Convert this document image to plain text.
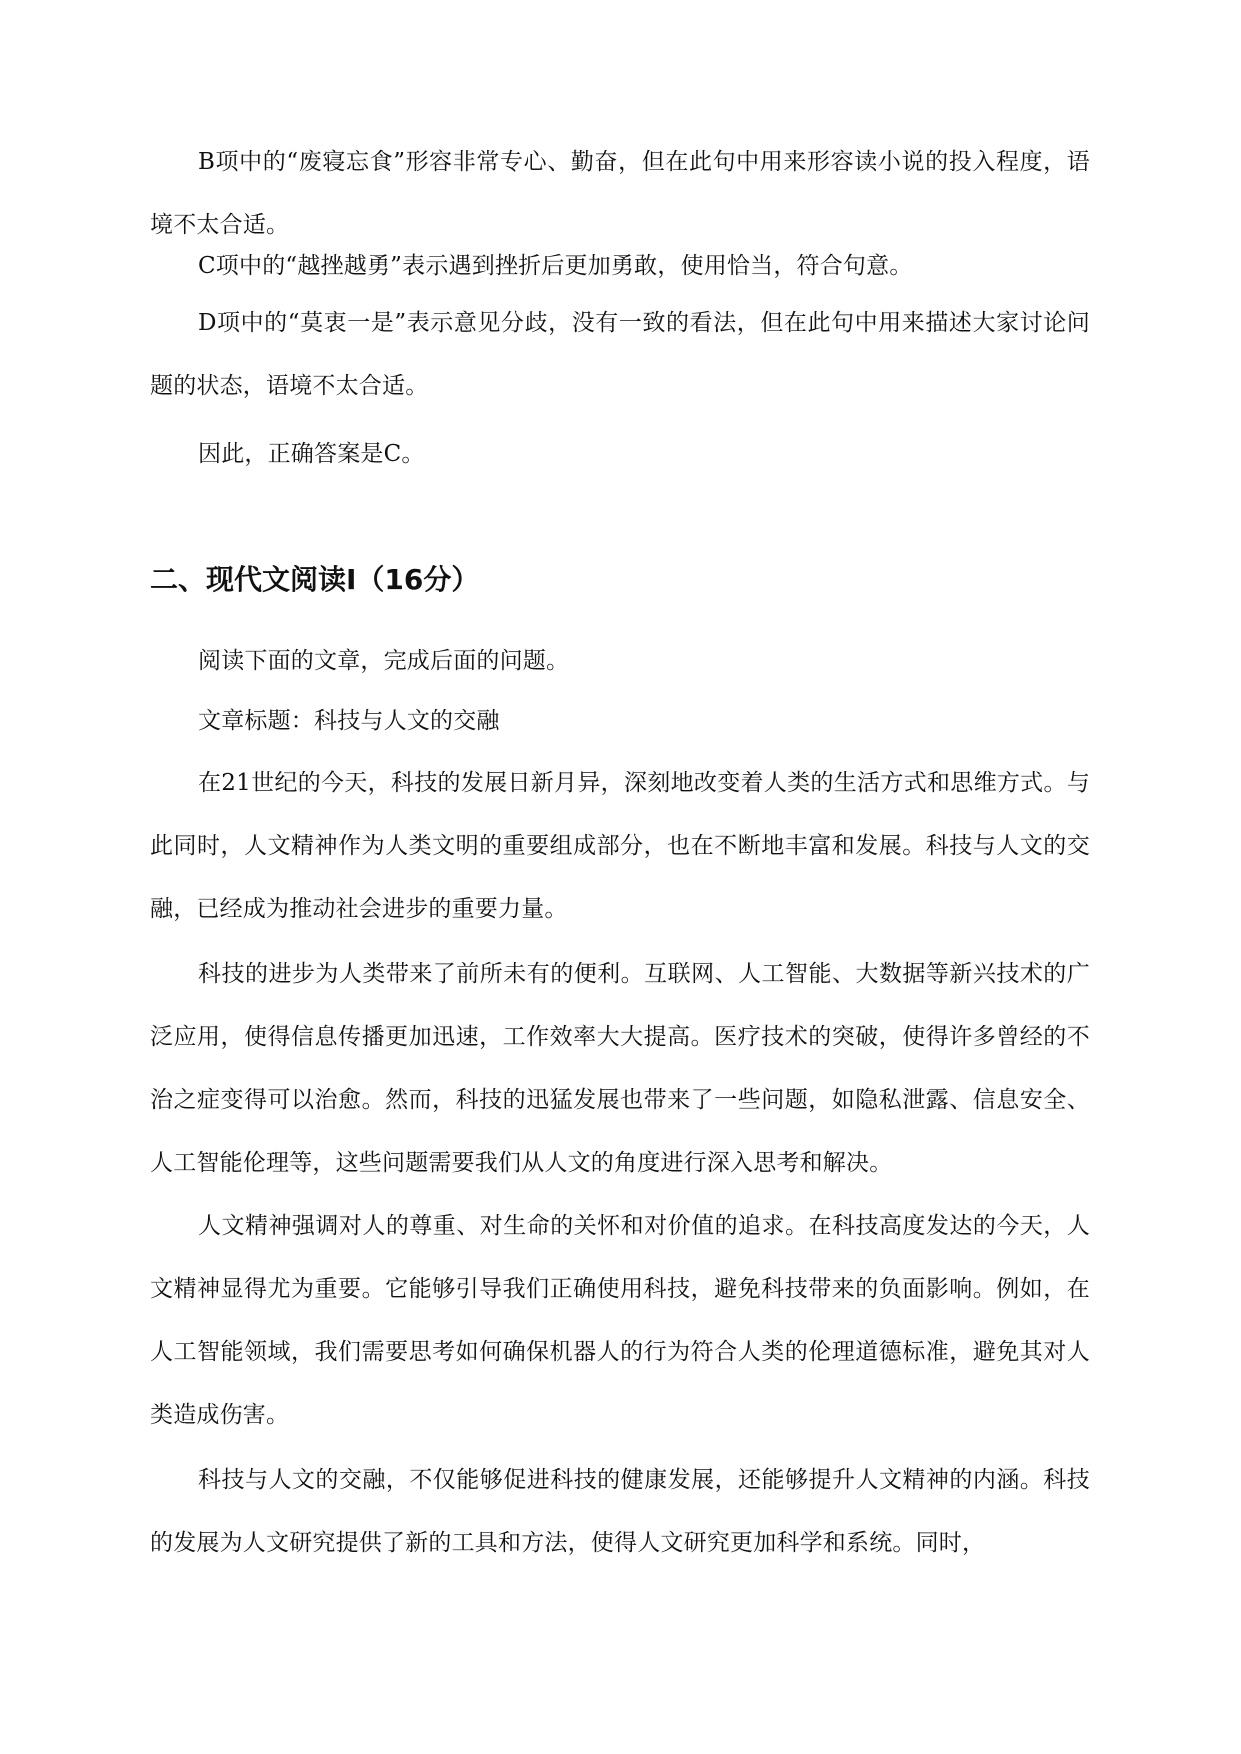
B项中的“废寝忘食”形容非常专心、勤奋，但在此句中用来形容读小说的投入程度，语境不太合适。

C项中的“越挫越勇”表示遇到挫折后更加勇敢，使用恰当，符合句意。

D项中的“莫衷一是”表示意见分歧，没有一致的看法，但在此句中用来描述大家讨论问题的状态，语境不太合适。

因此，正确答案是C。

二、现代文阅读Ⅰ（16分）

阅读下面的文章，完成后面的问题。

文章标题：科技与人文的交融

在21世纪的今天，科技的发展日新月异，深刻地改变着人类的生活方式和思维方式。与此同时，人文精神作为人类文明的重要组成部分，也在不断地丰富和发展。科技与人文的交融，已经成为推动社会进步的重要力量。

科技的进步为人类带来了前所未有的便利。互联网、人工智能、大数据等新兴技术的广泛应用，使得信息传播更加迅速，工作效率大大提高。医疗技术的突破，使得许多曾经的不治之症变得可以治愈。然而，科技的迅猛发展也带来了一些问题，如隐私泄露、信息安全、人工智能伦理等，这些问题需要我们从人文的角度进行深入思考和解决。

人文精神强调对人的尊重、对生命的关怀和对价值的追求。在科技高度发达的今天，人文精神显得尤为重要。它能够引导我们正确使用科技，避免科技带来的负面影响。例如，在人工智能领域，我们需要思考如何确保机器人的行为符合人类的伦理道德标准，避免其对人类造成伤害。

科技与人文的交融，不仅能够促进科技的健康发展，还能够提升人文精神的内涵。科技的发展为人文研究提供了新的工具和方法，使得人文研究更加科学和系统。同时，
